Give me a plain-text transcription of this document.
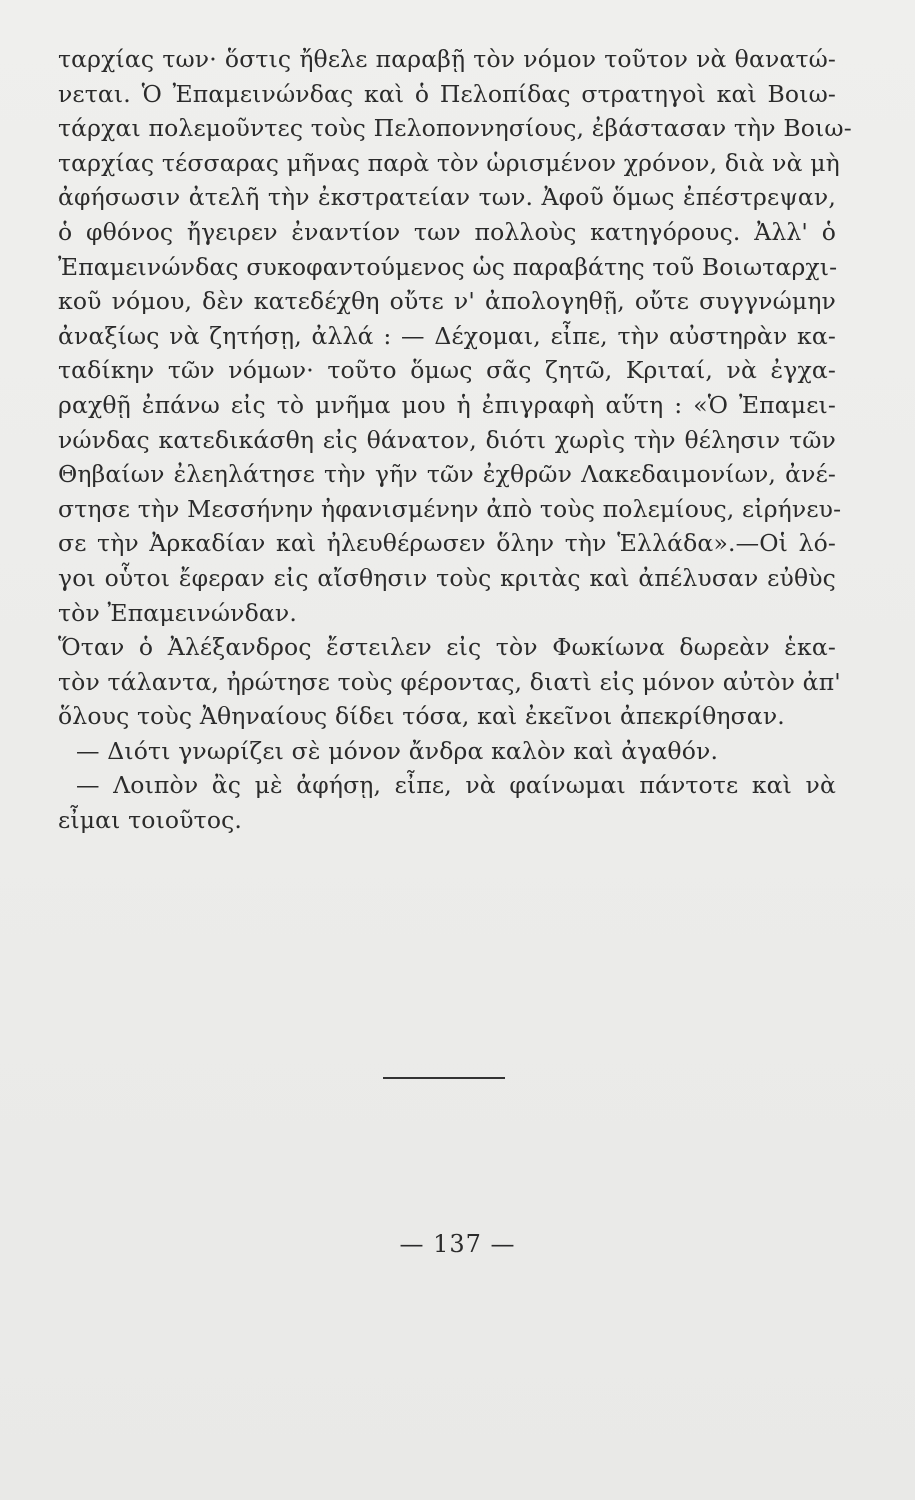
ταρχίας των· ὅστις ἤθελε παραβῇ τὸν νόμον τοῦτον νὰ θανατώ-
νεται. Ὁ Ἐπαμεινώνδας καὶ ὁ Πελοπίδας στρατηγοὶ καὶ Βοιω-
τάρχαι πολεμοῦντες τοὺς Πελοποννησίους, ἐβάστασαν τὴν Βοιω-
ταρχίας τέσσαρας μῆνας παρὰ τὸν ὡρισμένον χρόνον, διὰ νὰ μὴ
ἀφήσωσιν ἀτελῆ τὴν ἐκστρατείαν των. Ἀφοῦ ὅμως ἐπέστρεψαν,
ὁ φθόνος ἤγειρεν ἐναντίον των πολλοὺς κατηγόρους. Ἀλλ' ὁ
Ἐπαμεινώνδας συκοφαντούμενος ὡς παραβάτης τοῦ Βοιωταρχι-
κοῦ νόμου, δὲν κατεδέχθη οὔτε ν' ἀπολογηθῇ, οὔτε συγγνώμην
ἀναξίως νὰ ζητήσῃ, ἀλλά : — Δέχομαι, εἶπε, τὴν αὐστηρὰν κα-
ταδίκην τῶν νόμων· τοῦτο ὅμως σᾶς ζητῶ, Κριταί, νὰ ἐγχα-
ραχθῇ ἐπάνω εἰς τὸ μνῆμα μου ἡ ἐπιγραφὴ αὕτη : «Ὁ Ἐπαμει-
νώνδας κατεδικάσθη εἰς θάνατον, διότι χωρὶς τὴν θέλησιν τῶν
Θηβαίων ἐλεηλάτησε τὴν γῆν τῶν ἐχθρῶν Λακεδαιμονίων, ἀνέ-
στησε τὴν Μεσσήνην ἠφανισμένην ἀπὸ τοὺς πολεμίους, εἰρήνευ-
σε τὴν Ἀρκαδίαν καὶ ἠλευθέρωσεν ὅλην τὴν Ἑλλάδα».—Οἱ λό-
γοι οὗτοι ἔφεραν εἰς αἴσθησιν τοὺς κριτὰς καὶ ἀπέλυσαν εὐθὺς
τὸν Ἐπαμεινώνδαν.
Ὅταν ὁ Ἀλέξανδρος ἔστειλεν εἰς τὸν Φωκίωνα δωρεὰν ἑκα-
τὸν τάλαντα, ἠρώτησε τοὺς φέροντας, διατὶ εἰς μόνον αὐτὸν ἀπ'
ὅλους τοὺς Ἀθηναίους δίδει τόσα, καὶ ἐκεῖνοι ἀπεκρίθησαν.
— Διότι γνωρίζει σὲ μόνον ἄνδρα καλὸν καὶ ἀγαθόν.
— Λοιπὸν ἂς μὲ ἀφήσῃ, εἶπε, νὰ φαίνωμαι πάντοτε καὶ νὰ
εἶμαι τοιοῦτος.
— 137 —
